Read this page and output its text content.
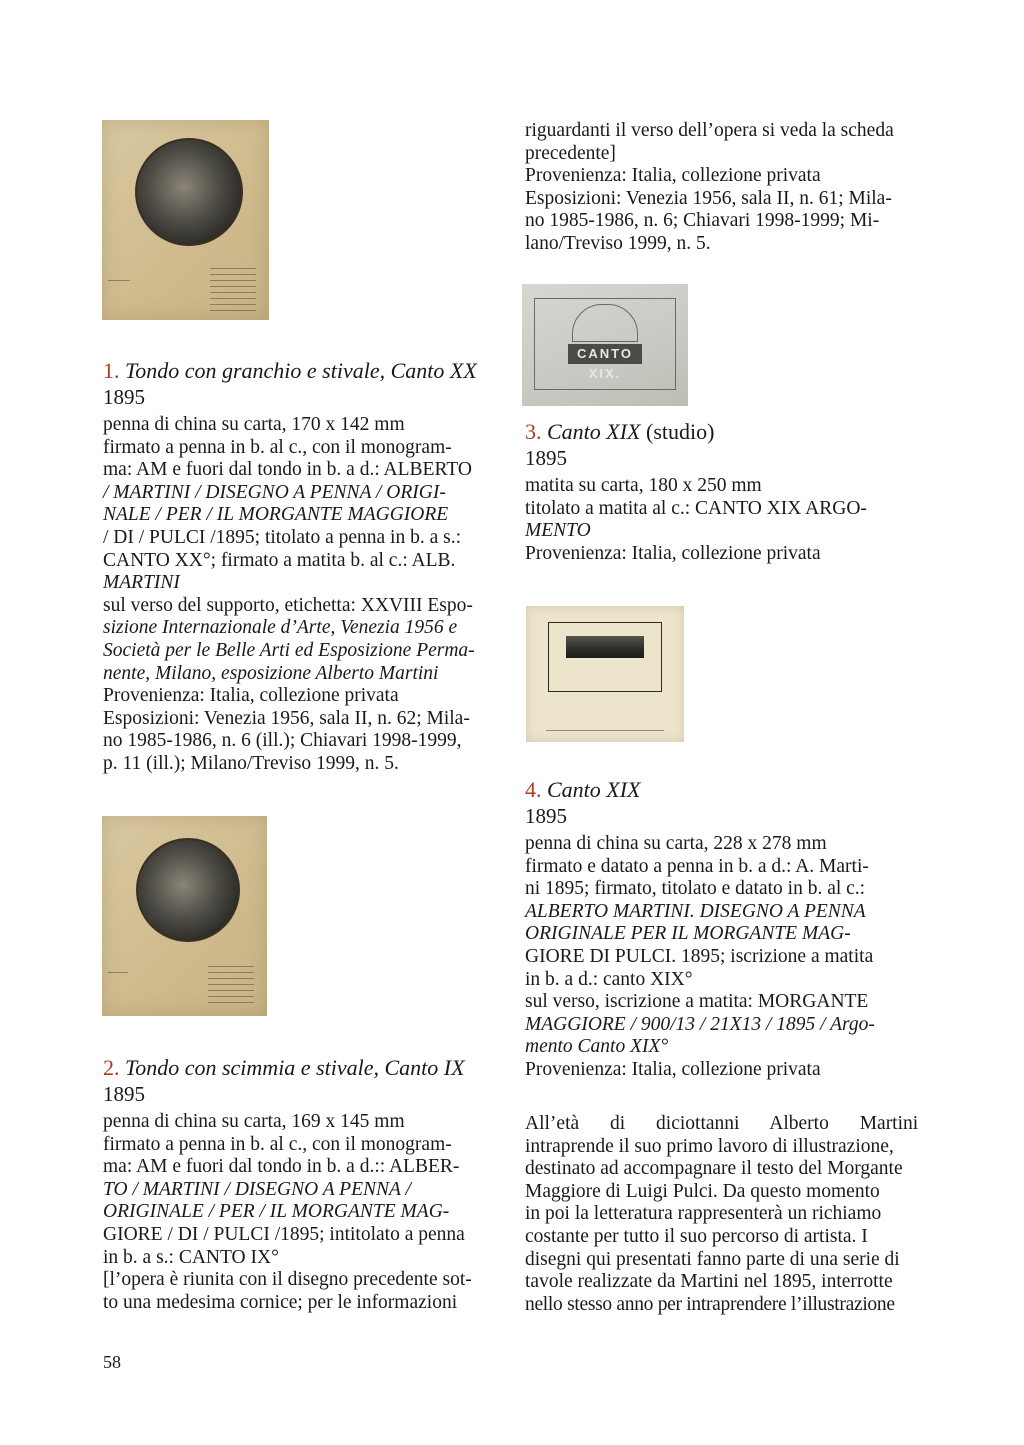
1. Tondo con granchio e stivale, Canto XX
1895
penna di china su carta, 170 x 142 mm
firmato a penna in b. al c., con il monogram-
ma: AM e fuori dal tondo in b. a d.: ALBERTO
/ MARTINI / DISEGNO A PENNA / ORIGI-
NALE / PER / IL MORGANTE MAGGIORE
/ DI / PULCI /1895; titolato a penna in b. a s.:
CANTO XX°; firmato a matita b. al c.: ALB.
MARTINI
sul verso del supporto, etichetta: XXVIII Espo-
sizione Internazionale d’Arte, Venezia 1956 e
Società per le Belle Arti ed Esposizione Perma-
nente, Milano, esposizione Alberto Martini
Provenienza: Italia, collezione privata
Esposizioni: Venezia 1956, sala II, n. 62; Mila-
no 1985-1986, n. 6 (ill.); Chiavari 1998-1999,
p. 11 (ill.); Milano/Treviso 1999, n. 5.
2. Tondo con scimmia e stivale, Canto IX
1895
penna di china su carta, 169 x 145 mm
firmato a penna in b. al c., con il monogram-
ma: AM e fuori dal tondo in b. a d.:: ALBER-
TO / MARTINI / DISEGNO A PENNA /
ORIGINALE / PER / IL MORGANTE MAG-
GIORE / DI / PULCI /1895; intitolato a penna
in b. a s.: CANTO IX°
[l’opera è riunita con il disegno precedente sot-
to una medesima cornice; per le informazioni
riguardanti il verso dell’opera si veda la scheda
precedente]
Provenienza: Italia, collezione privata
Esposizioni: Venezia 1956, sala II, n. 61; Mila-
no 1985-1986, n. 6; Chiavari 1998-1999; Mi-
lano/Treviso 1999, n. 5.
CANTO XIX.
3. Canto XIX (studio)
1895
matita su carta, 180 x 250 mm
titolato a matita al c.: CANTO XIX ARGO-
MENTO
Provenienza: Italia, collezione privata
4. Canto XIX
1895
penna di china su carta, 228 x 278 mm
firmato e datato a penna in b. a d.: A. Marti-
ni 1895; firmato, titolato e datato in b. al c.:
ALBERTO MARTINI. DISEGNO A PENNA
ORIGINALE PER IL MORGANTE MAG-
GIORE DI PULCI. 1895; iscrizione a matita
in b. a d.: canto XIX°
sul verso, iscrizione a matita: MORGANTE
MAGGIORE / 900/13 / 21X13 / 1895 / Argo-
mento Canto XIX°
Provenienza: Italia, collezione privata
All’età di diciottanni Alberto Martini
intraprende il suo primo lavoro di illustrazione,
destinato ad accompagnare il testo del Morgante
Maggiore di Luigi Pulci. Da questo momento
in poi la letteratura rappresenterà un richiamo
costante per tutto il suo percorso di artista. I
disegni qui presentati fanno parte di una serie di
tavole realizzate da Martini nel 1895, interrotte
nello stesso anno per intraprendere l’illustrazione
58
